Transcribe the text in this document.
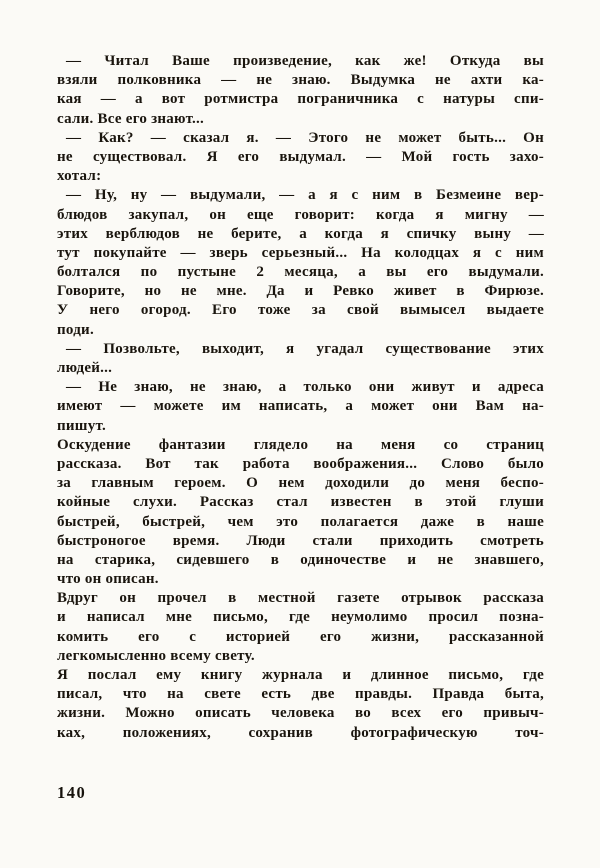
— Читал Ваше произведение, как же! Откуда вы
взяли полковника — не знаю. Выдумка не ахти ка-
кая — а вот ротмистра пограничника с натуры спи-
сали. Все его знают...
— Как? — сказал я. — Этого не может быть... Он
не существовал. Я его выдумал. — Мой гость захо-
хотал:
— Ну, ну — выдумали, — а я с ним в Безмеине вер-
блюдов закупал, он еще говорит: когда я мигну —
этих верблюдов не берите, а когда я спичку выну —
тут покупайте — зверь серьезный... На колодцах я с ним
болтался по пустыне 2 месяца, а вы его выдумали.
Говорите, но не мне. Да и Ревко живет в Фирюзе.
У него огород. Его тоже за свой вымысел выдаете
поди.
— Позвольте, выходит, я угадал существование этих
людей...
— Не знаю, не знаю, а только они живут и адреса
имеют — можете им написать, а может они Вам на-
пишут.
Оскудение фантазии глядело на меня со страниц
рассказа. Вот так работа воображения... Слово было
за главным героем. О нем доходили до меня беспо-
койные слухи. Рассказ стал известен в этой глуши
быстрей, быстрей, чем это полагается даже в наше
быстроногое время. Люди стали приходить смотреть
на старика, сидевшего в одиночестве и не знавшего,
что он описан.
Вдруг он прочел в местной газете отрывок рассказа
и написал мне письмо, где неумолимо просил позна-
комить его с историей его жизни, рассказанной
легкомысленно всему свету.
Я послал ему книгу журнала и длинное письмо, где
писал, что на свете есть две правды. Правда быта,
жизни. Можно описать человека во всех его привыч-
ках, положениях, сохранив фотографическую точ-
140
